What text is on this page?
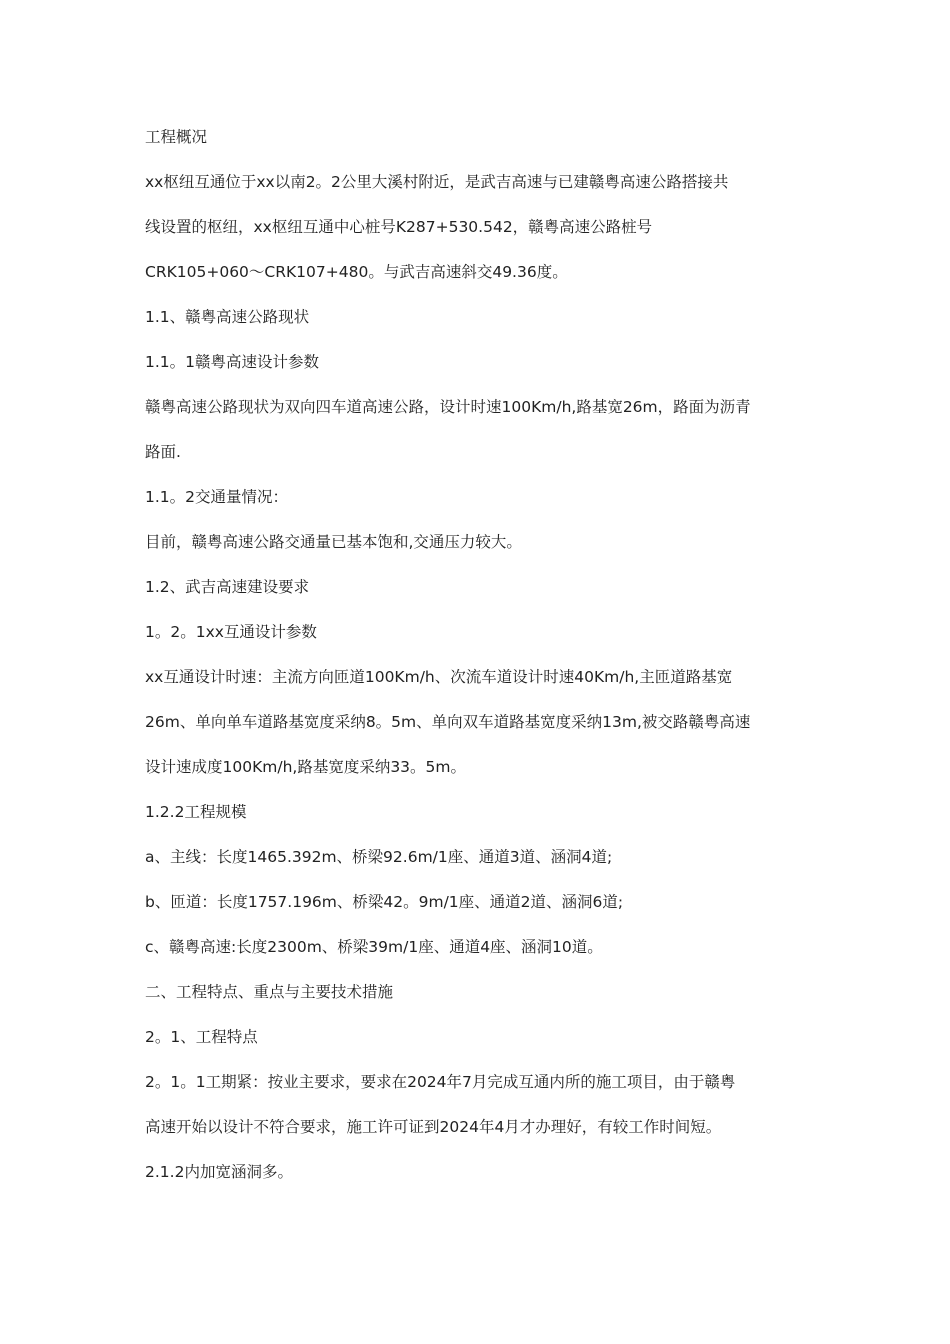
工程概况
xx枢纽互通位于xx以南2。2公里大溪村附近，是武吉高速与已建赣粤高速公路搭接共
线设置的枢纽，xx枢纽互通中心桩号K287+530.542，赣粤高速公路桩号
CRK105+060～CRK107+480。与武吉高速斜交49.36度。
1.1、赣粤高速公路现状
1.1。1赣粤高速设计参数
赣粤高速公路现状为双向四车道高速公路，设计时速100Km/h,路基宽26m，路面为沥青
路面.
1.1。2交通量情况：
目前，赣粤高速公路交通量已基本饱和,交通压力较大。
1.2、武吉高速建设要求
1。2。1xx互通设计参数
xx互通设计时速：主流方向匝道100Km/h、次流车道设计时速40Km/h,主匝道路基宽
26m、单向单车道路基宽度采纳8。5m、单向双车道路基宽度采纳13m,被交路赣粤高速
设计速成度100Km/h,路基宽度采纳33。5m。
1.2.2工程规模
a、主线：长度1465.392m、桥梁92.6m/1座、通道3道、涵洞4道;
b、匝道：长度1757.196m、桥梁42。9m/1座、通道2道、涵洞6道;
c、赣粤高速:长度2300m、桥梁39m/1座、通道4座、涵洞10道。
二、工程特点、重点与主要技术措施
2。1、工程特点
2。1。1工期紧：按业主要求，要求在2024年7月完成互通内所的施工项目，由于赣粤
高速开始以设计不符合要求，施工许可证到2024年4月才办理好，有较工作时间短。
2.1.2内加宽涵洞多。
